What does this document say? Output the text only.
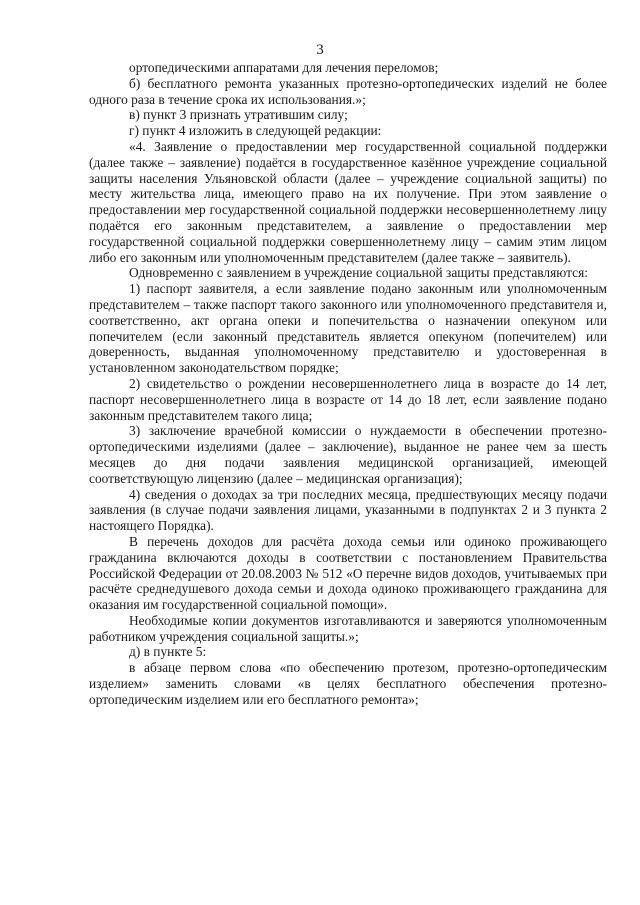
3

ортопедическими аппаратами для лечения переломов;

б) бесплатного ремонта указанных протезно-ортопедических изделий не более одного раза в течение срока их использования.»;

в) пункт 3 признать утратившим силу;

г) пункт 4 изложить в следующей редакции:

«4. Заявление о предоставлении мер государственной социальной поддержки (далее также – заявление) подаётся в государственное казённое учреждение социальной защиты населения Ульяновской области (далее – учреждение социальной защиты) по месту жительства лица, имеющего право на их получение. При этом заявление о предоставлении мер государственной социальной поддержки несовершеннолетнему лицу подаётся его законным представителем, а заявление о предоставлении мер государственной социальной поддержки совершеннолетнему лицу – самим этим лицом либо его законным или уполномоченным представителем (далее также – заявитель).

Одновременно с заявлением в учреждение социальной защиты представляются:

1) паспорт заявителя, а если заявление подано законным или уполномоченным представителем – также паспорт такого законного или уполномоченного представителя и, соответственно, акт органа опеки и попечительства о назначении опекуном или попечителем (если законный представитель является опекуном (попечителем) или доверенность, выданная уполномоченному представителю и удостоверенная в установленном законодательством порядке;

2) свидетельство о рождении несовершеннолетнего лица в возрасте до 14 лет, паспорт несовершеннолетнего лица в возрасте от 14 до 18 лет, если заявление подано законным представителем такого лица;

3) заключение врачебной комиссии о нуждаемости в обеспечении протезно-ортопедическими изделиями (далее – заключение), выданное не ранее чем за шесть месяцев до дня подачи заявления медицинской организацией, имеющей соответствующую лицензию (далее – медицинская организация);

4) сведения о доходах за три последних месяца, предшествующих месяцу подачи заявления (в случае подачи заявления лицами, указанными в подпунктах 2 и 3 пункта 2 настоящего Порядка).

В перечень доходов для расчёта дохода семьи или одиноко проживающего гражданина включаются доходы в соответствии с постановлением Правительства Российской Федерации от 20.08.2003 № 512 «О перечне видов доходов, учитываемых при расчёте среднедушевого дохода семьи и дохода одиноко проживающего гражданина для оказания им государственной социальной помощи».

Необходимые копии документов изготавливаются и заверяются уполномоченным работником учреждения социальной защиты.»;

д) в пункте 5:

в абзаце первом слова «по обеспечению протезом, протезно-ортопедическим изделием» заменить словами «в целях бесплатного обеспечения протезно-ортопедическим изделием или его бесплатного ремонта»;
